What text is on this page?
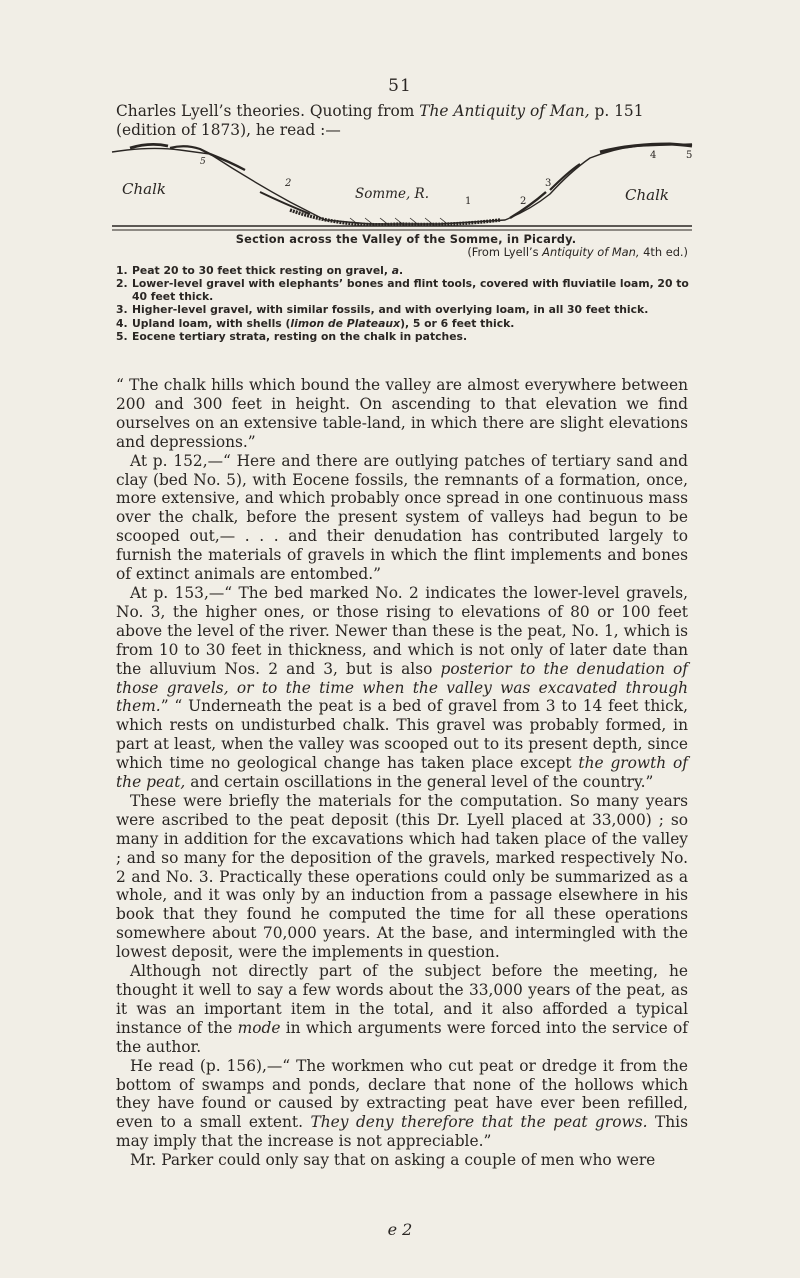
51
Charles Lyell’s theories. Quoting from The Antiquity of Man, p. 151 (edition of 1873), he read :—
Chalk	Somme, R.	Chalk
1
2
2
3
4	5
5
Section across the Valley of the Somme, in Picardy.
(From Lyell’s Antiquity of Man, 4th ed.)
1. Peat 20 to 30 feet thick resting on gravel, a.
2. Lower-level gravel with elephants’ bones and flint tools, covered with fluviatile loam, 20 to 40 feet thick.
3. Higher-level gravel, with similar fossils, and with overlying loam, in all 30 feet thick.
4. Upland loam, with shells (limon de Plateaux), 5 or 6 feet thick.
5. Eocene tertiary strata, resting on the chalk in patches.

“ The chalk hills which bound the valley are almost everywhere between 200 and 300 feet in height. On ascending to that elevation we find ourselves on an extensive table-land, in which there are slight elevations and depressions.”

At p. 152,—“ Here and there are outlying patches of tertiary sand and clay (bed No. 5), with Eocene fossils, the remnants of a formation, once, more extensive, and which probably once spread in one continuous mass over the chalk, before the present system of valleys had begun to be scooped out,— . . . and their denudation has contributed largely to furnish the materials of gravels in which the flint implements and bones of extinct animals are entombed.”

At p. 153,—“ The bed marked No. 2 indicates the lower-level gravels, No. 3, the higher ones, or those rising to elevations of 80 or 100 feet above the level of the river. Newer than these is the peat, No. 1, which is from 10 to 30 feet in thickness, and which is not only of later date than the alluvium Nos. 2 and 3, but is also posterior to the denudation of those gravels, or to the time when the valley was excavated through them.” “ Underneath the peat is a bed of gravel from 3 to 14 feet thick, which rests on undisturbed chalk. This gravel was probably formed, in part at least, when the valley was scooped out to its present depth, since which time no geological change has taken place except the growth of the peat, and certain oscillations in the general level of the country.”

These were briefly the materials for the computation. So many years were ascribed to the peat deposit (this Dr. Lyell placed at 33,000) ; so many in addition for the excavations which had taken place of the valley ; and so many for the deposition of the gravels, marked respectively No. 2 and No. 3. Practically these operations could only be summarized as a whole, and it was only by an induction from a passage elsewhere in his book that they found he computed the time for all these operations somewhere about 70,000 years. At the base, and intermingled with the lowest deposit, were the implements in question.

Although not directly part of the subject before the meeting, he thought it well to say a few words about the 33,000 years of the peat, as it was an important item in the total, and it also afforded a typical instance of the mode in which arguments were forced into the service of the author.

He read (p. 156),—“ The workmen who cut peat or dredge it from the bottom of swamps and ponds, declare that none of the hollows which they have found or caused by extracting peat have ever been refilled, even to a small extent. They deny therefore that the peat grows. This may imply that the increase is not appreciable.”

Mr. Parker could only say that on asking a couple of men who were

e 2
